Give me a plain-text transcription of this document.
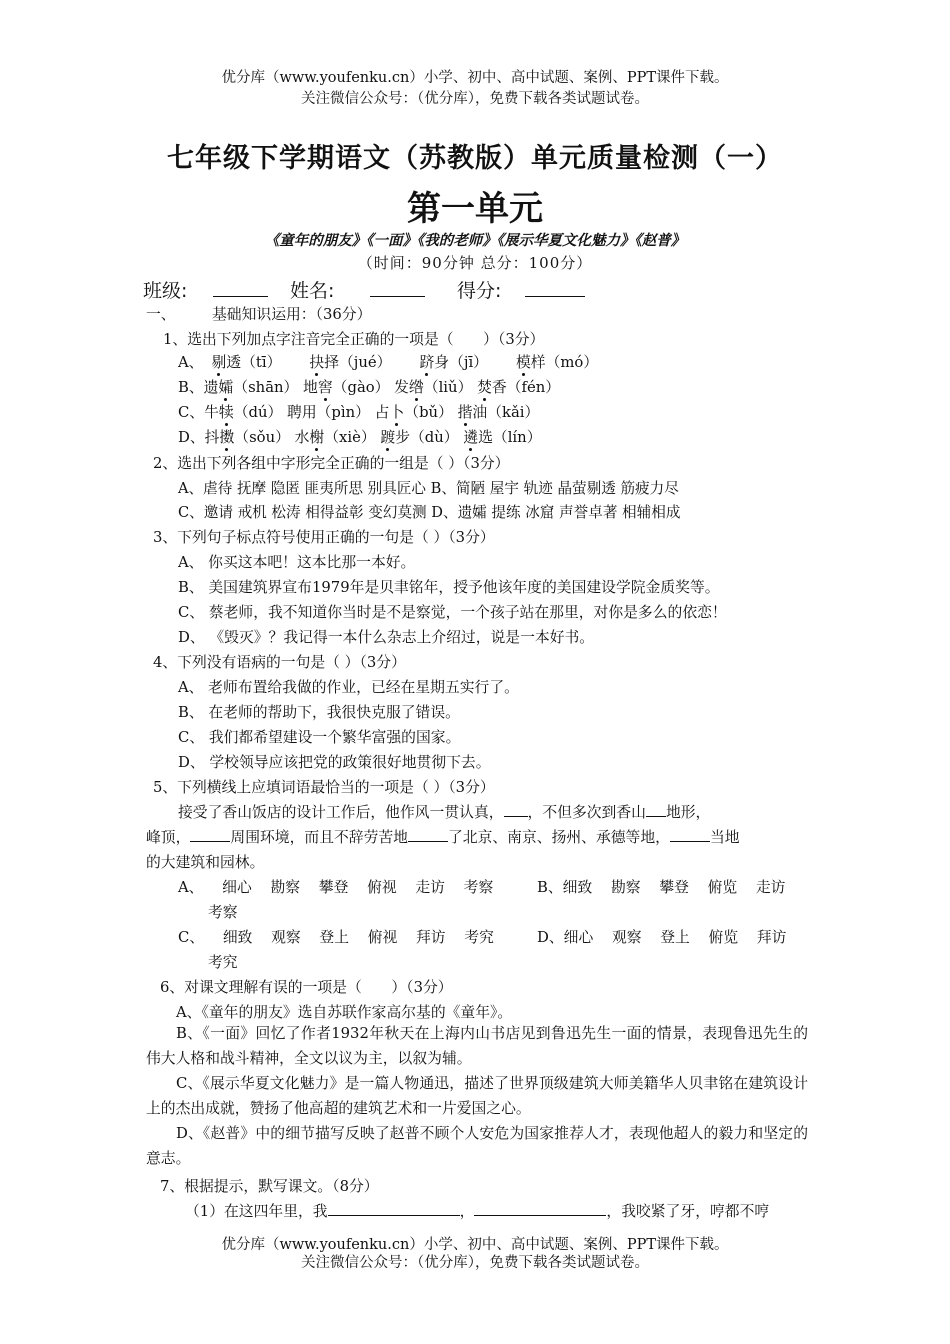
优分库（www.youfenku.cn）小学、初中、高中试题、案例、PPT课件下载。
关注微信公众号：（优分库），免费下载各类试题试卷。
七年级下学期语文（苏教版）单元质量检测（一）
第一单元
《童年的朋友》《一面》《我的老师》《展示华夏文化魅力》《赵普》
（时间：90分钟 总分：100分）
班级:	姓名:	得分:
一、 基础知识运用：（36分）
1、选出下列加点字注音完全正确的一项是（　　）（3分）
A、 剔透（tī） 抉择（jué） 跻身（jī） 模样（mó）
B、遗孀（shān） 地窖（gào） 发绺（liǔ） 焚香（fén）
C、牛犊（dú） 聘用（pìn） 占卜（bǔ） 揩油（kǎi）
D、抖擞（sǒu） 水榭（xiè） 踱步（dù） 遴选（lín）
2、选出下列各组中字形完全正确的一组是（ ）（3分）
A、虐待 抚摩 隐匿 匪夷所思 别具匠心 B、简陋 屋宇 轨迹 晶萤剔透 筋疲力尽
C、邀请 戒机 松涛 相得益彰 变幻莫测 D、遗孀 提练 冰窟 声誉卓著 相辅相成
3、下列句子标点符号使用正确的一句是（ ）（3分）
A、 你买这本吧！这本比那一本好。
B、 美国建筑界宣布1979年是贝聿铭年，授予他该年度的美国建设学院金质奖等。
C、 蔡老师，我不知道你当时是不是察觉，一个孩子站在那里，对你是多么的依恋！
D、 《毁灭》？我记得一本什么杂志上介绍过，说是一本好书。
4、下列没有语病的一句是（ ）（3分）
A、 老师布置给我做的作业，已经在星期五实行了。
B、 在老师的帮助下，我很快克服了错误。
C、 我们都希望建设一个繁华富强的国家。
D、 学校领导应该把党的政策很好地贯彻下去。
5、下列横线上应填词语最恰当的一项是（ ）（3分）
接受了香山饭店的设计工作后，他作风一贯认真， ，不但多次到香山 地形，
峰顶，	周围环境，而且不辞劳苦地	了北京、南京、扬州、承德等地，	当地
的大建筑和园林。
A、 细心 勘察 攀登 俯视 走访 考察	B、细致 勘察 攀登 俯览 走访
考察
C、 细致 观察 登上 俯视 拜访 考究	D、细心 观察 登上 俯览 拜访
考究
6、对课文理解有误的一项是（　　）（3分）
A、《童年的朋友》选自苏联作家高尔基的《童年》。
B、《一面》回忆了作者1932年秋天在上海内山书店见到鲁迅先生一面的情景，表现鲁迅先生的伟大人格和战斗精神，全文以议为主，以叙为辅。
C、《展示华夏文化魅力》是一篇人物通迅，描述了世界顶级建筑大师美籍华人贝聿铭在建筑设计上的杰出成就，赞扬了他高超的建筑艺术和一片爱国之心。
D、《赵普》中的细节描写反映了赵普不顾个人安危为国家推荐人才，表现他超人的毅力和坚定的意志。
7、根据提示，默写课文。（8分）
（1）在这四年里，我	，	，我咬紧了牙，哼都不哼
优分库（www.youfenku.cn）小学、初中、高中试题、案例、PPT课件下载。
关注微信公众号：（优分库），免费下载各类试题试卷。
